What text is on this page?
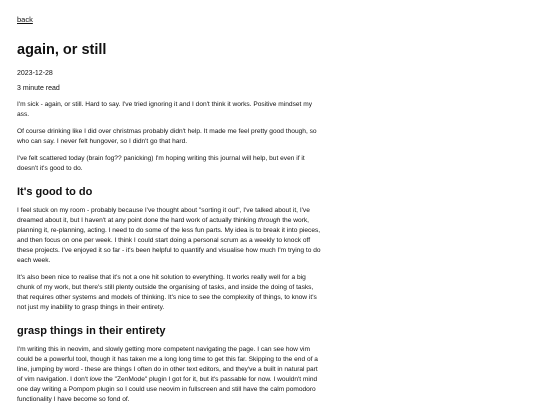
back
again, or still
2023-12-28
3 minute read

I'm sick - again, or still. Hard to say. I've tried ignoring it and I don't think it works. Positive mindset my ass.

Of course drinking like I did over christmas probably didn't help. It made me feel pretty good though, so who can say. I never felt hungover, so I didn't go that hard.

I've felt scattered today (brain fog?? panicking) I'm hoping writing this journal will help, but even if it doesn't it's good to do.

It's good to do

I feel stuck on my room - probably because I've thought about "sorting it out", I've talked about it, I've dreamed about it, but I haven't at any point done the hard work of actually thinking through the work, planning it, re-planning, acting. I need to do some of the less fun parts. My idea is to break it into pieces, and then focus on one per week. I think I could start doing a personal scrum as a weekly to knock off these projects. I've enjoyed it so far - it's been helpful to quantify and visualise how much I'm trying to do each week.

It's also been nice to realise that it's not a one hit solution to everything. It works really well for a big chunk of my work, but there's still plenty outside the organising of tasks, and inside the doing of tasks, that requires other systems and models of thinking. It's nice to see the complexity of things, to know it's not just my inability to grasp things in their entirety.

grasp things in their entirety

I'm writing this in neovim, and slowly getting more competent navigating the page. I can see how vim could be a powerful tool, though it has taken me a long long time to get this far. Skipping to the end of a line, jumping by word - these are things I often do in other text editors, and they've a built in natural part of vim navigation. I don't love the "ZenMode" plugin I got for it, but it's passable for now. I wouldn't mind one day writing a Pompom plugin so I could use neovim in fullscreen and still have the calm pomodoro functionality I have become so fond of.
